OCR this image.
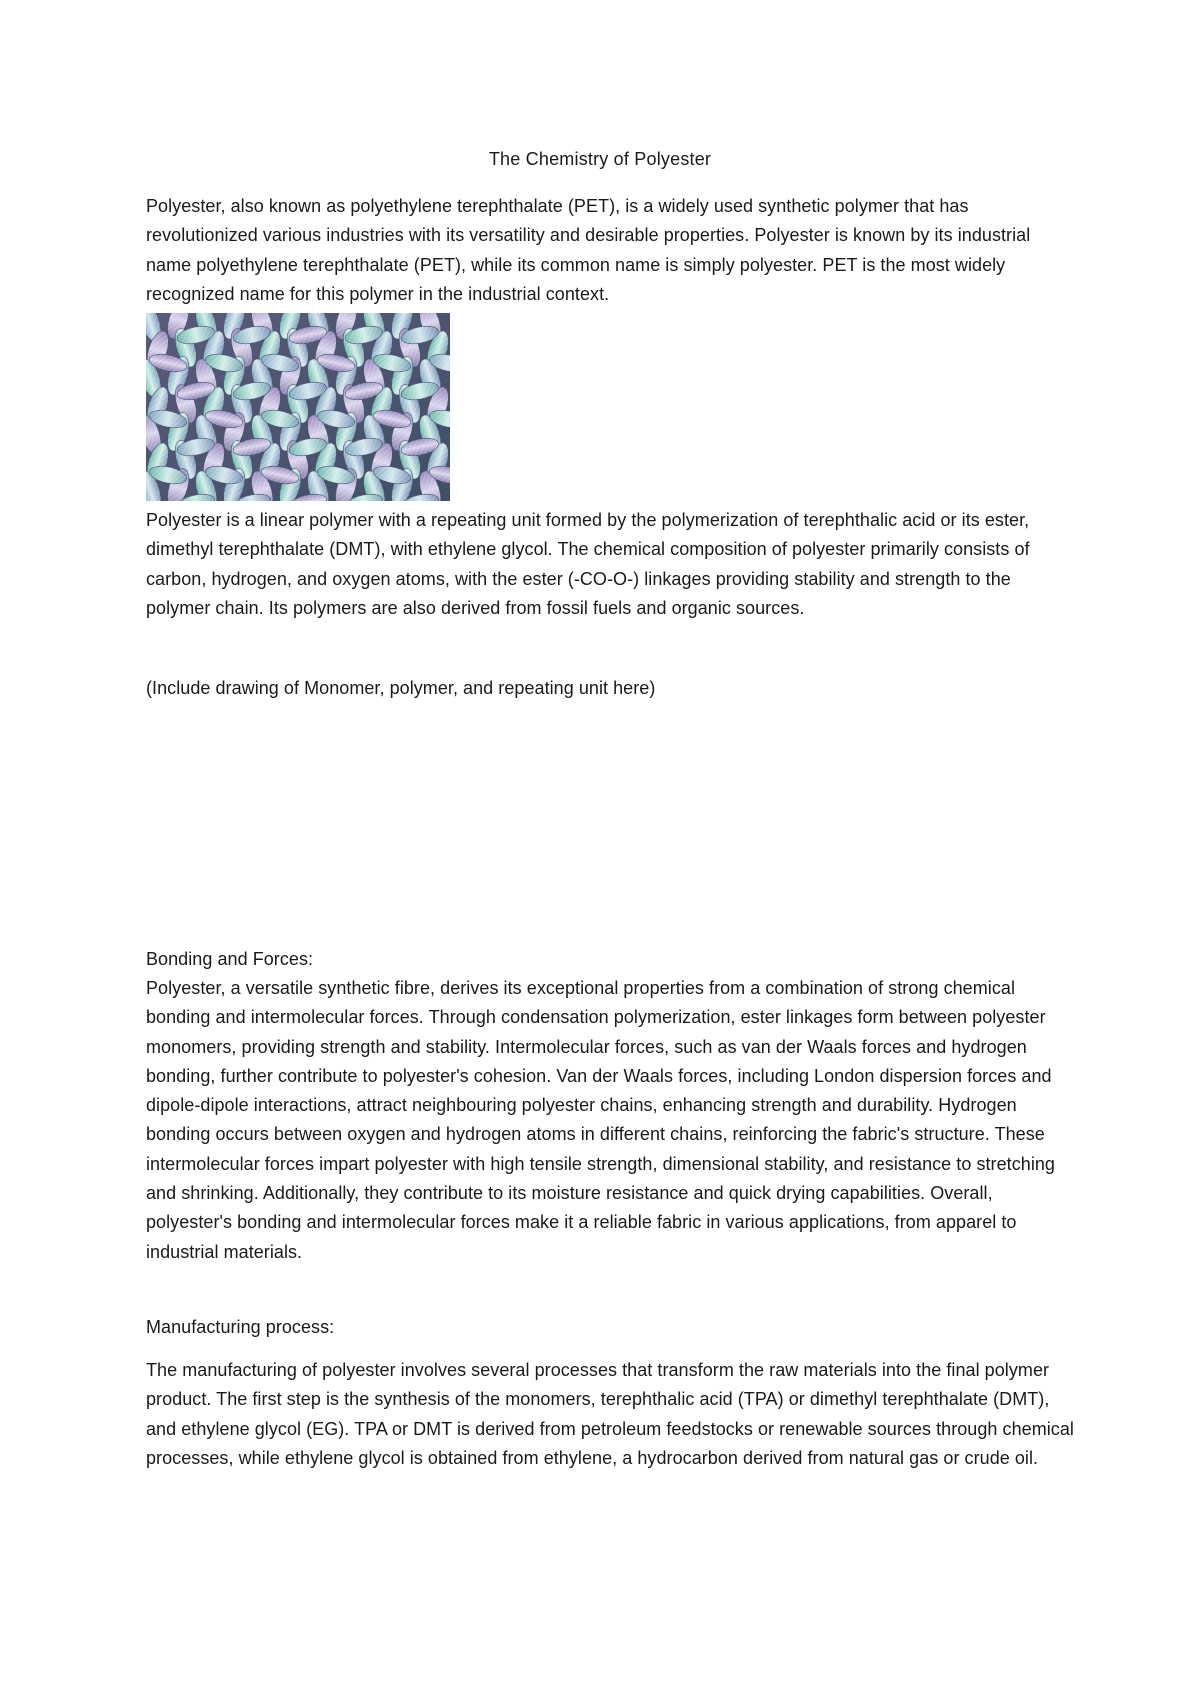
The Chemistry of Polyester

Polyester, also known as polyethylene terephthalate (PET), is a widely used synthetic polymer that has revolutionized various industries with its versatility and desirable properties. Polyester is known by its industrial name polyethylene terephthalate (PET), while its common name is simply polyester. PET is the most widely recognized name for this polymer in the industrial context.

Polyester is a linear polymer with a repeating unit formed by the polymerization of terephthalic acid or its ester, dimethyl terephthalate (DMT), with ethylene glycol. The chemical composition of polyester primarily consists of carbon, hydrogen, and oxygen atoms, with the ester (-CO-O-) linkages providing stability and strength to the polymer chain. Its polymers are also derived from fossil fuels and organic sources.

(Include drawing of Monomer, polymer, and repeating unit here)

Bonding and Forces:

Polyester, a versatile synthetic fibre, derives its exceptional properties from a combination of strong chemical bonding and intermolecular forces. Through condensation polymerization, ester linkages form between polyester monomers, providing strength and stability. Intermolecular forces, such as van der Waals forces and hydrogen bonding, further contribute to polyester's cohesion. Van der Waals forces, including London dispersion forces and dipole-dipole interactions, attract neighbouring polyester chains, enhancing strength and durability. Hydrogen bonding occurs between oxygen and hydrogen atoms in different chains, reinforcing the fabric's structure. These intermolecular forces impart polyester with high tensile strength, dimensional stability, and resistance to stretching and shrinking. Additionally, they contribute to its moisture resistance and quick drying capabilities. Overall, polyester's bonding and intermolecular forces make it a reliable fabric in various applications, from apparel to industrial materials.

Manufacturing process:

The manufacturing of polyester involves several processes that transform the raw materials into the final polymer product. The first step is the synthesis of the monomers, terephthalic acid (TPA) or dimethyl terephthalate (DMT), and ethylene glycol (EG). TPA or DMT is derived from petroleum feedstocks or renewable sources through chemical processes, while ethylene glycol is obtained from ethylene, a hydrocarbon derived from natural gas or crude oil.
